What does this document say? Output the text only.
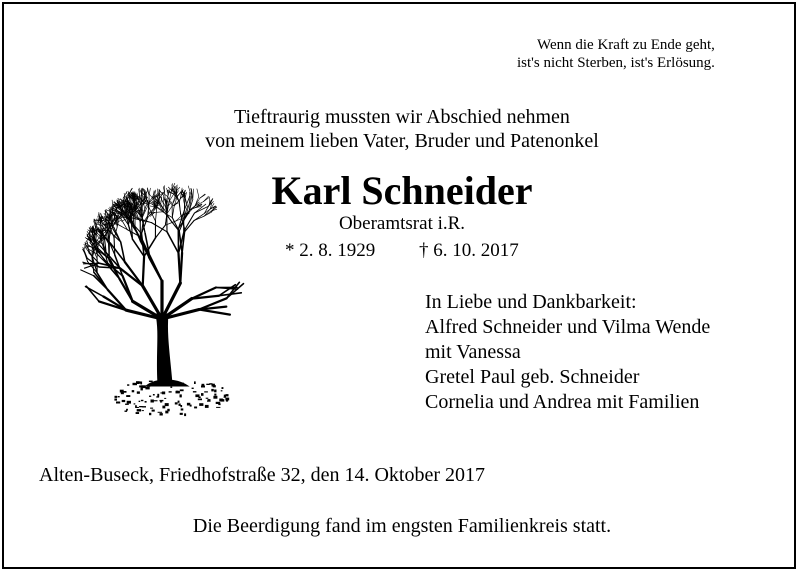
Wenn die Kraft zu Ende geht,
ist's nicht Sterben, ist's Erlösung.
Tieftraurig mussten wir Abschied nehmen
von meinem lieben Vater, Bruder und Patenonkel
Karl Schneider
Oberamtsrat i.R.
* 2. 8. 1929 † 6. 10. 2017
In Liebe und Dankbarkeit:
Alfred Schneider und Vilma Wende
mit Vanessa
Gretel Paul geb. Schneider
Cornelia und Andrea mit Familien
Alten-Buseck, Friedhofstraße 32, den 14. Oktober 2017
Die Beerdigung fand im engsten Familienkreis statt.
